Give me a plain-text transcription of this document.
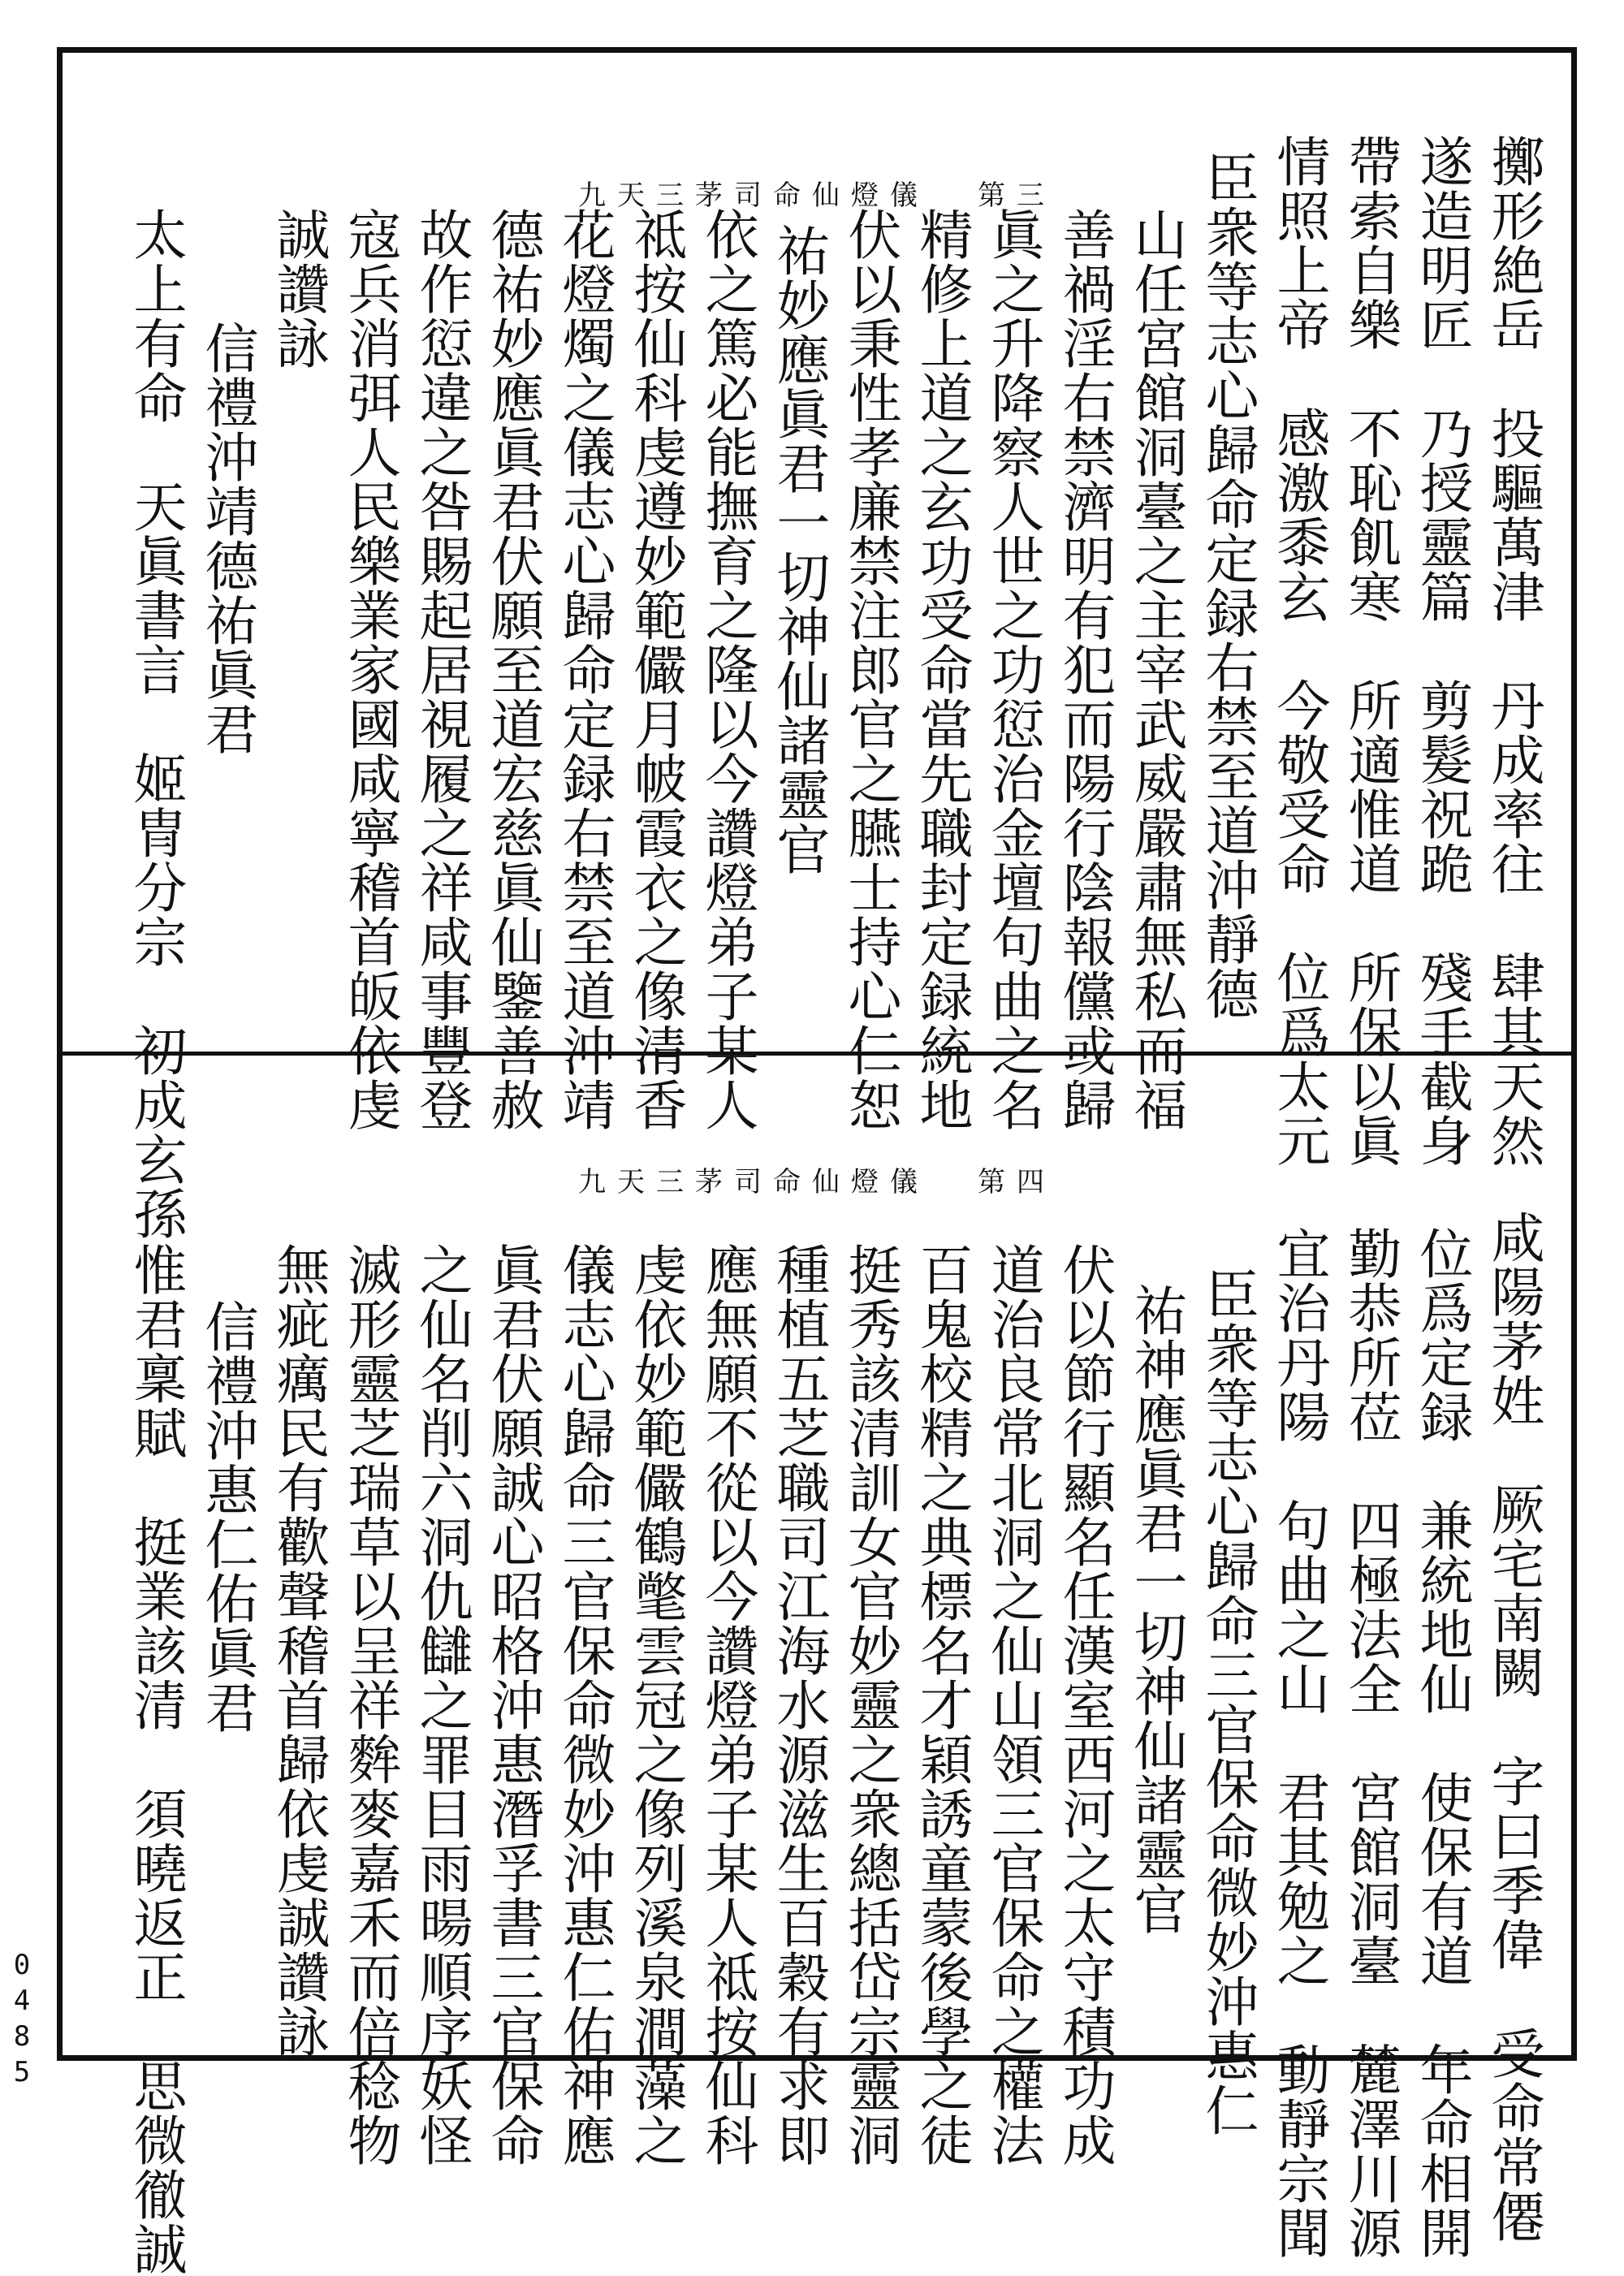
九天三茅司命仙燈儀 第三	擲形絶岳　投驅萬津　丹成率往　肆其天然
遂造明匠　乃授靈篇　剪髮祝跪　殘手截身
帶索自樂　不恥飢寒　所適惟道　所保以眞
情照上帝　感激黍玄　今敬受命　位爲太元
臣衆等志心歸命定録右禁至道沖靜德
山任宮館洞臺之主宰武威嚴肅無私而福
善禍淫右禁濟明有犯而陽行陰報儻或歸
眞之升降察人世之功愆治金壇句曲之名
精修上道之玄功受命當先職封定録統地
伏以秉性孝廉禁注郎官之臙士持心仁恕
祐妙應眞君一切神仙諸靈官
依之篤必能撫育之隆以今讚燈弟子某人
祗按仙科虔遵妙範儼月帔霞衣之像清香
花燈燭之儀志心歸命定録右禁至道沖靖
德祐妙應眞君伏願至道宏慈眞仙鑒善赦
故作愆違之咎賜起居視履之祥咸事豐登
寇兵消弭人民樂業家國咸寧稽首皈依虔
誠讚詠
信禮沖靖德祐眞君
太上有命　天眞書言　姬冑分宗　初成玄孫	九天三茅司命仙燈儀 第四
咸陽茅姓　厥宅南闕　字曰季偉　受命常僊
位爲定録　兼統地仙　使保有道　年命相開
勤恭所莅　四極法全　宮館洞臺　麓澤川源
宜治丹陽　句曲之山　君其勉之　動靜宗聞
臣衆等志心歸命三官保命微妙沖惠仁
祐神應眞君一切神仙諸靈官
伏以節行顯名任漢室西河之太守積功成
道治良常北洞之仙山領三官保命之權法
百鬼校精之典標名才穎誘童蒙後學之徒
挺秀該清訓女官妙靈之衆總括岱宗靈洞
種植五芝職司江海水源滋生百穀有求即
應無願不從以今讚燈弟子某人祗按仙科
虔依妙範儼鶴氅雲冠之像列溪泉澗藻之
儀志心歸命三官保命微妙沖惠仁佑神應
眞君伏願誠心昭格沖惠潛孚書三官保命
之仙名削六洞仇讎之罪目雨暘順序妖怪
滅形靈芝瑞草以呈祥麰麥嘉禾而倍稔物
無疵癘民有歡聲稽首歸依虔誠讚詠
信禮沖惠仁佑眞君
惟君稟賦　挺業該清　須曉返正　思微徹誠
0485
